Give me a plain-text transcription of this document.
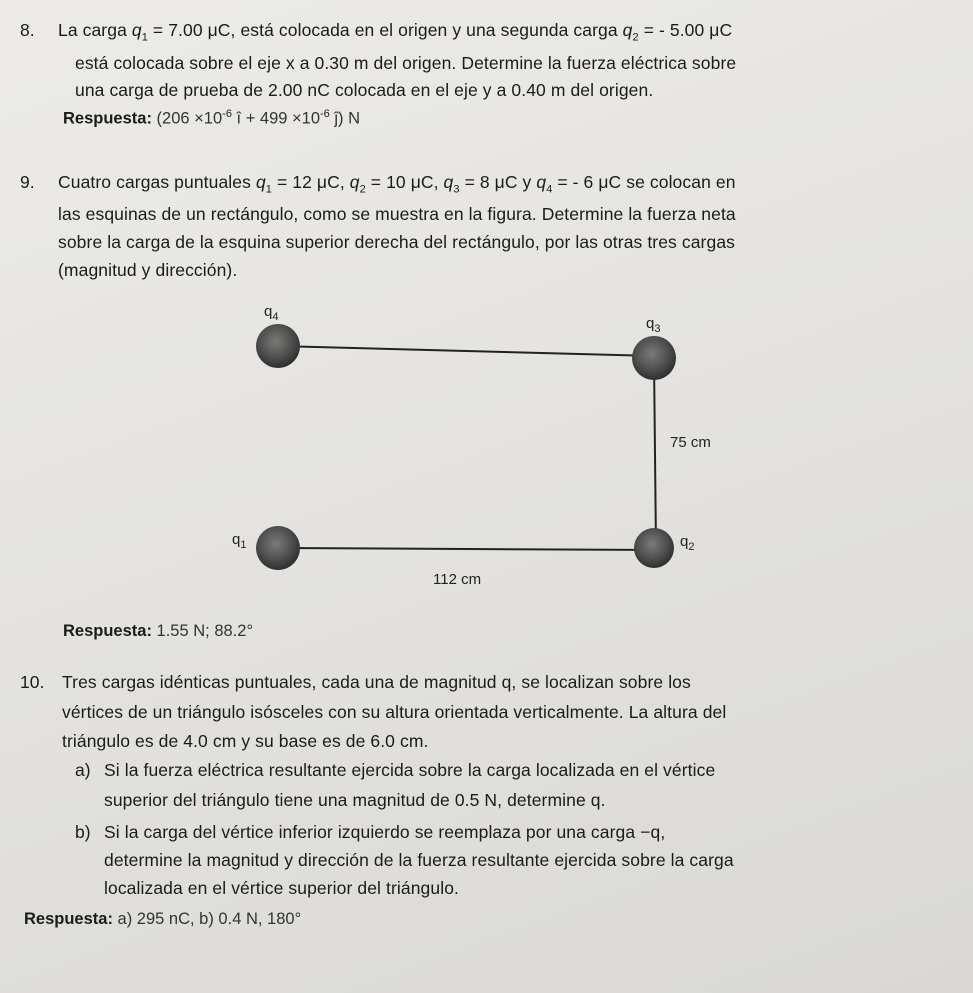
8. La carga $q_1 = 7.00$ μC, está colocada en el origen y una segunda carga $q_2$ = - 5.00 μC
está colocada sobre el eje x a 0.30 m del origen. Determine la fuerza eléctrica sobre
una carga de prueba de 2.00 nC colocada en el eje y a 0.40 m del origen.
Respuesta: ($206 \times 10^{-6}$ î + $499 \times 10^{-6}$ ĵ) N
9. Cuatro cargas puntuales $q_1 = 12$ μC, $q_2 = 10$ μC, $q_3 = 8$ μC y $q_4$ = - 6 μC se colocan en
las esquinas de un rectángulo, como se muestra en la figura. Determine la fuerza neta
sobre la carga de la esquina superior derecha del rectángulo, por las otras tres cargas
(magnitud y dirección).
$q_4$	$q_3$
$q_1$	$q_2$
75 cm
112 cm
Respuesta: 1.55 N; 88.2°
10. Tres cargas idénticas puntuales, cada una de magnitud q, se localizan sobre los
vértices de un triángulo isósceles con su altura orientada verticalmente. La altura del
triángulo es de 4.0 cm y su base es de 6.0 cm.
a) Si la fuerza eléctrica resultante ejercida sobre la carga localizada en el vértice
superior del triángulo tiene una magnitud de 0.5 N, determine q.
b) Si la carga del vértice inferior izquierdo se reemplaza por una carga −q,
determine la magnitud y dirección de la fuerza resultante ejercida sobre la carga
localizada en el vértice superior del triángulo.
Respuesta: a) 295 nC, b) 0.4 N, 180°
